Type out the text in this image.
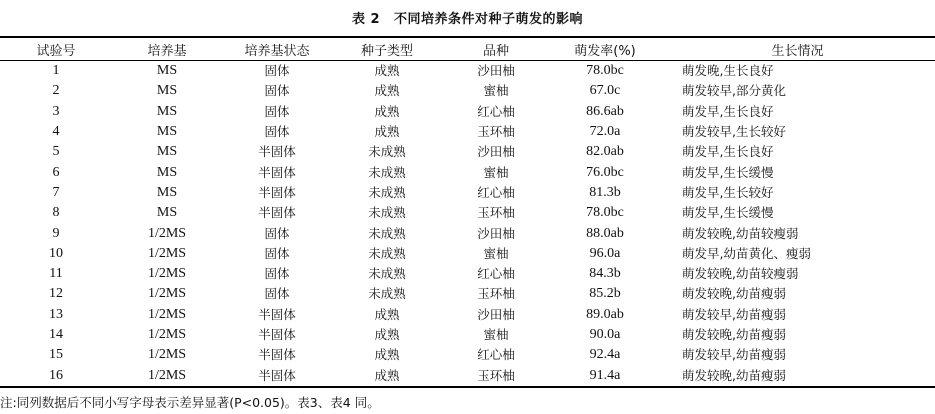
表 2 不同培养条件对种子萌发的影响
试验号	培养基	培养基状态	种子类型	品种	萌发率(%)	生长情况
1	MS	固体	成熟	沙田柚	78.0bc	萌发晚,生长良好
2	MS	固体	成熟	蜜柚	67.0c	萌发较早,部分黄化
3	MS	固体	成熟	红心柚	86.6ab	萌发早,生长良好
4	MS	固体	成熟	玉环柚	72.0a	萌发较早,生长较好
5	MS	半固体	未成熟	沙田柚	82.0ab	萌发早,生长良好
6	MS	半固体	未成熟	蜜柚	76.0bc	萌发早,生长缓慢
7	MS	半固体	未成熟	红心柚	81.3b	萌发早,生长较好
8	MS	半固体	未成熟	玉环柚	78.0bc	萌发早,生长缓慢
9	1/2MS	固体	未成熟	沙田柚	88.0ab	萌发较晚,幼苗较瘦弱
10	1/2MS	固体	未成熟	蜜柚	96.0a	萌发早,幼苗黄化、瘦弱
11	1/2MS	固体	未成熟	红心柚	84.3b	萌发较晚,幼苗较瘦弱
12	1/2MS	固体	未成熟	玉环柚	85.2b	萌发较晚,幼苗瘦弱
13	1/2MS	半固体	成熟	沙田柚	89.0ab	萌发较早,幼苗瘦弱
14	1/2MS	半固体	成熟	蜜柚	90.0a	萌发较晚,幼苗瘦弱
15	1/2MS	半固体	成熟	红心柚	92.4a	萌发较早,幼苗瘦弱
16	1/2MS	半固体	成熟	玉环柚	91.4a	萌发较晚,幼苗瘦弱
注:同列数据后不同小写字母表示差异显著(P<0.05)。表3、表4 同。
